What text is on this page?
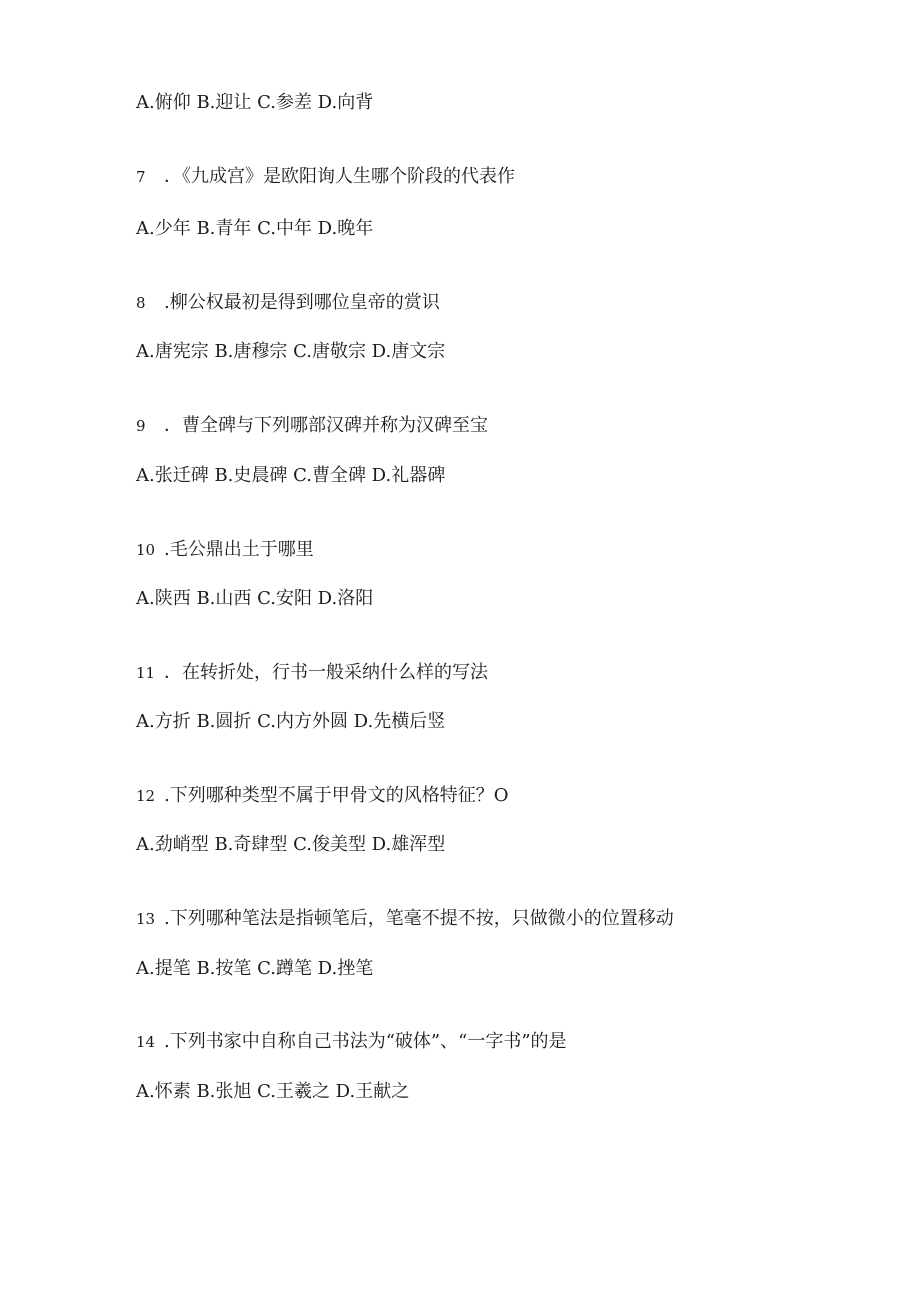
A.俯仰 B.迎让 C.参差 D.向背
7 ．《九成宫》是欧阳询人生哪个阶段的代表作
A.少年 B.青年 C.中年 D.晚年
8 .柳公权最初是得到哪位皇帝的赏识
A.唐宪宗 B.唐穆宗 C.唐敬宗 D.唐文宗
9 ．曹全碑与下列哪部汉碑并称为汉碑至宝
A.张迁碑 B.史晨碑 C.曹全碑 D.礼器碑
10 .毛公鼎出土于哪里
A.陕西 B.山西 C.安阳 D.洛阳
11 ．在转折处，行书一般采纳什么样的写法
A.方折 B.圆折 C.内方外圆 D.先横后竖
12 .下列哪种类型不属于甲骨文的风格特征？O
A.劲峭型 B.奇肆型 C.俊美型 D.雄浑型
13 .下列哪种笔法是指顿笔后，笔毫不提不按，只做微小的位置移动
A.提笔 B.按笔 C.蹲笔 D.挫笔
14 .下列书家中自称自己书法为“破体”、“一字书”的是
A.怀素 B.张旭 C.王羲之 D.王献之
